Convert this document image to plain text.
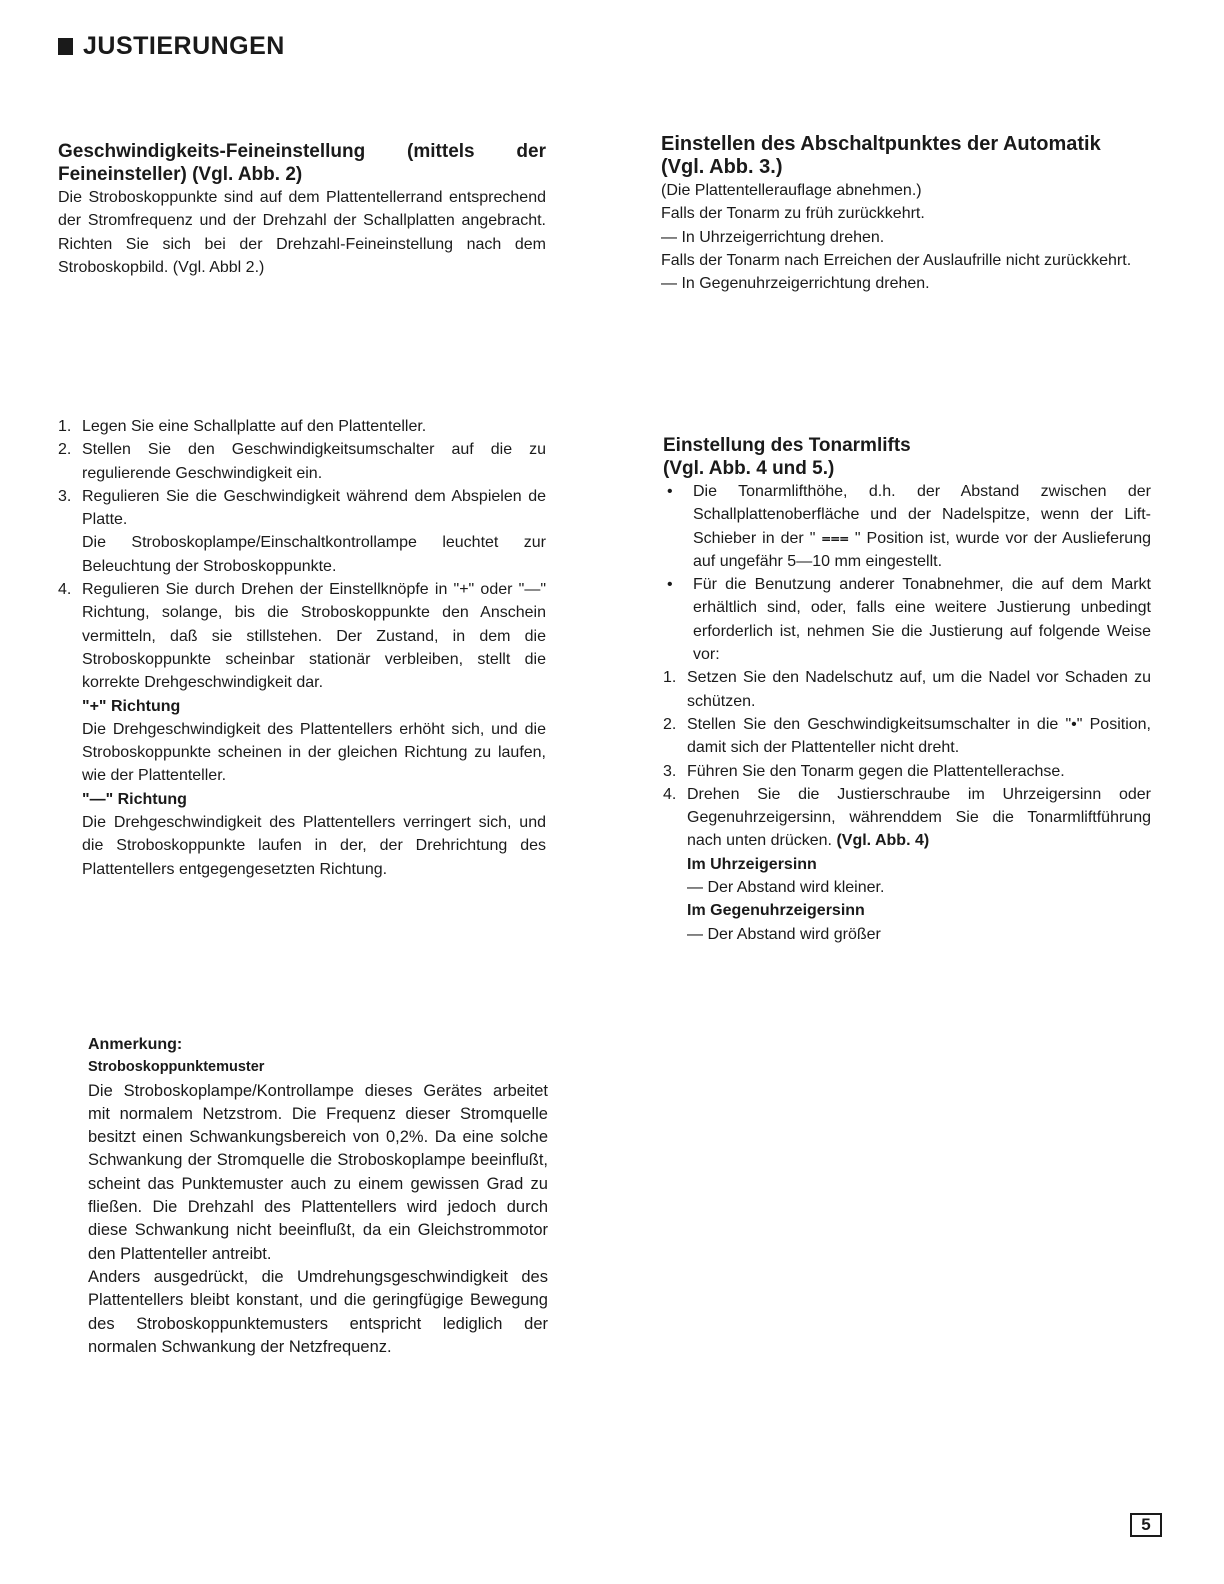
JUSTIERUNGEN

Geschwindigkeits-Feineinstellung (mittels der Feineinsteller) (Vgl. Abb. 2)

Die Stroboskoppunkte sind auf dem Plattentellerrand entsprechend der Stromfrequenz und der Drehzahl der Schallplatten angebracht. Richten Sie sich bei der Drehzahl-Feineinstellung nach dem Stroboskopbild. (Vgl. Abbl 2.)

1. Legen Sie eine Schallplatte auf den Plattenteller.
2. Stellen Sie den Geschwindigkeitsumschalter auf die zu regulierende Geschwindigkeit ein.
3. Regulieren Sie die Geschwindigkeit während dem Abspielen de Platte.
Die Stroboskoplampe/Einschaltkontrollampe leuchtet zur Beleuchtung der Stroboskoppunkte.
4. Regulieren Sie durch Drehen der Einstellknöpfe in "+" oder "—" Richtung, solange, bis die Stroboskoppunkte den Anschein vermitteln, daß sie stillstehen. Der Zustand, in dem die Stroboskoppunkte scheinbar stationär verbleiben, stellt die korrekte Drehgeschwindigkeit dar.
"+" Richtung
Die Drehgeschwindigkeit des Plattentellers erhöht sich, und die Stroboskoppunkte scheinen in der gleichen Richtung zu laufen, wie der Plattenteller.
"—" Richtung
Die Drehgeschwindigkeit des Plattentellers verringert sich, und die Stroboskoppunkte laufen in der, der Drehrichtung des Plattentellers entgegengesetzten Richtung.

Anmerkung:

Stroboskoppunktemuster

Die Stroboskoplampe/Kontrollampe dieses Gerätes arbeitet mit normalem Netzstrom. Die Frequenz dieser Stromquelle besitzt einen Schwankungsbereich von 0,2%. Da eine solche Schwankung der Stromquelle die Stroboskoplampe beeinflußt, scheint das Punktemuster auch zu einem gewissen Grad zu fließen. Die Drehzahl des Plattentellers wird jedoch durch diese Schwankung nicht beeinflußt, da ein Gleichstrommotor den Plattenteller antreibt.

Anders ausgedrückt, die Umdrehungsgeschwindigkeit des Plattentellers bleibt konstant, und die geringfügige Bewegung des Stroboskoppunktemusters entspricht lediglich der normalen Schwankung der Netzfrequenz.

Einstellen des Abschaltpunktes der Automatik (Vgl. Abb. 3.)

(Die Plattentellerauflage abnehmen.)

Falls der Tonarm zu früh zurückkehrt.

— In Uhrzeigerrichtung drehen.

Falls der Tonarm nach Erreichen der Auslaufrille nicht zurückkehrt.

— In Gegenuhrzeigerrichtung drehen.

Einstellung des Tonarmlifts

(Vgl. Abb. 4 und 5.)

•	Die Tonarmlifthöhe, d.h. der Abstand zwischen der Schallplattenoberfläche und der Nadelspitze, wenn der Lift-Schieber in der " ⩶ " Position ist, wurde vor der Auslieferung auf ungefähr 5—10 mm eingestellt.
•	Für die Benutzung anderer Tonabnehmer, die auf dem Markt erhältlich sind, oder, falls eine weitere Justierung unbedingt erforderlich ist, nehmen Sie die Justierung auf folgende Weise vor:
1. Setzen Sie den Nadelschutz auf, um die Nadel vor Schaden zu schützen.
2. Stellen Sie den Geschwindigkeitsumschalter in die "•" Position, damit sich der Plattenteller nicht dreht.
3. Führen Sie den Tonarm gegen die Plattentellerachse.
4. Drehen Sie die Justierschraube im Uhrzeigersinn oder Gegenuhrzeigersinn, währenddem Sie die Tonarmliftführung nach unten drücken. (Vgl. Abb. 4)
Im Uhrzeigersinn
— Der Abstand wird kleiner.
Im Gegenuhrzeigersinn
— Der Abstand wird größer
5
